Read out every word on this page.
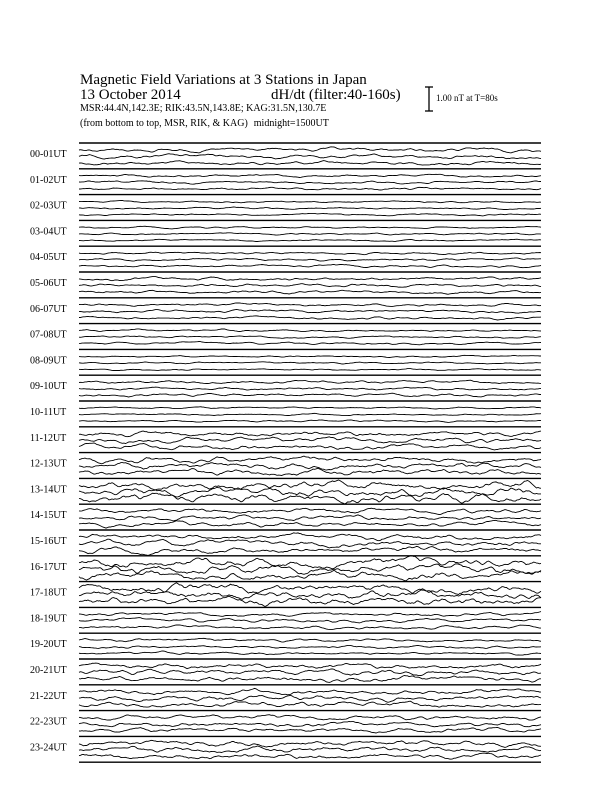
Magnetic Field Variations at 3 Stations in Japan
13 October 2014	dH/dt (filter:40-160s)
MSR:44.4N,142.3E; RIK:43.5N,143.8E; KAG:31.5N,130.7E
(from bottom to top, MSR, RIK, & KAG) midnight=1500UT
1.00 nT at T=80s
00-01UT
01-02UT
02-03UT
03-04UT
04-05UT
05-06UT
06-07UT
07-08UT
08-09UT
09-10UT
10-11UT
11-12UT
12-13UT
13-14UT
14-15UT
15-16UT
16-17UT
17-18UT
18-19UT
19-20UT
20-21UT
21-22UT
22-23UT
23-24UT
